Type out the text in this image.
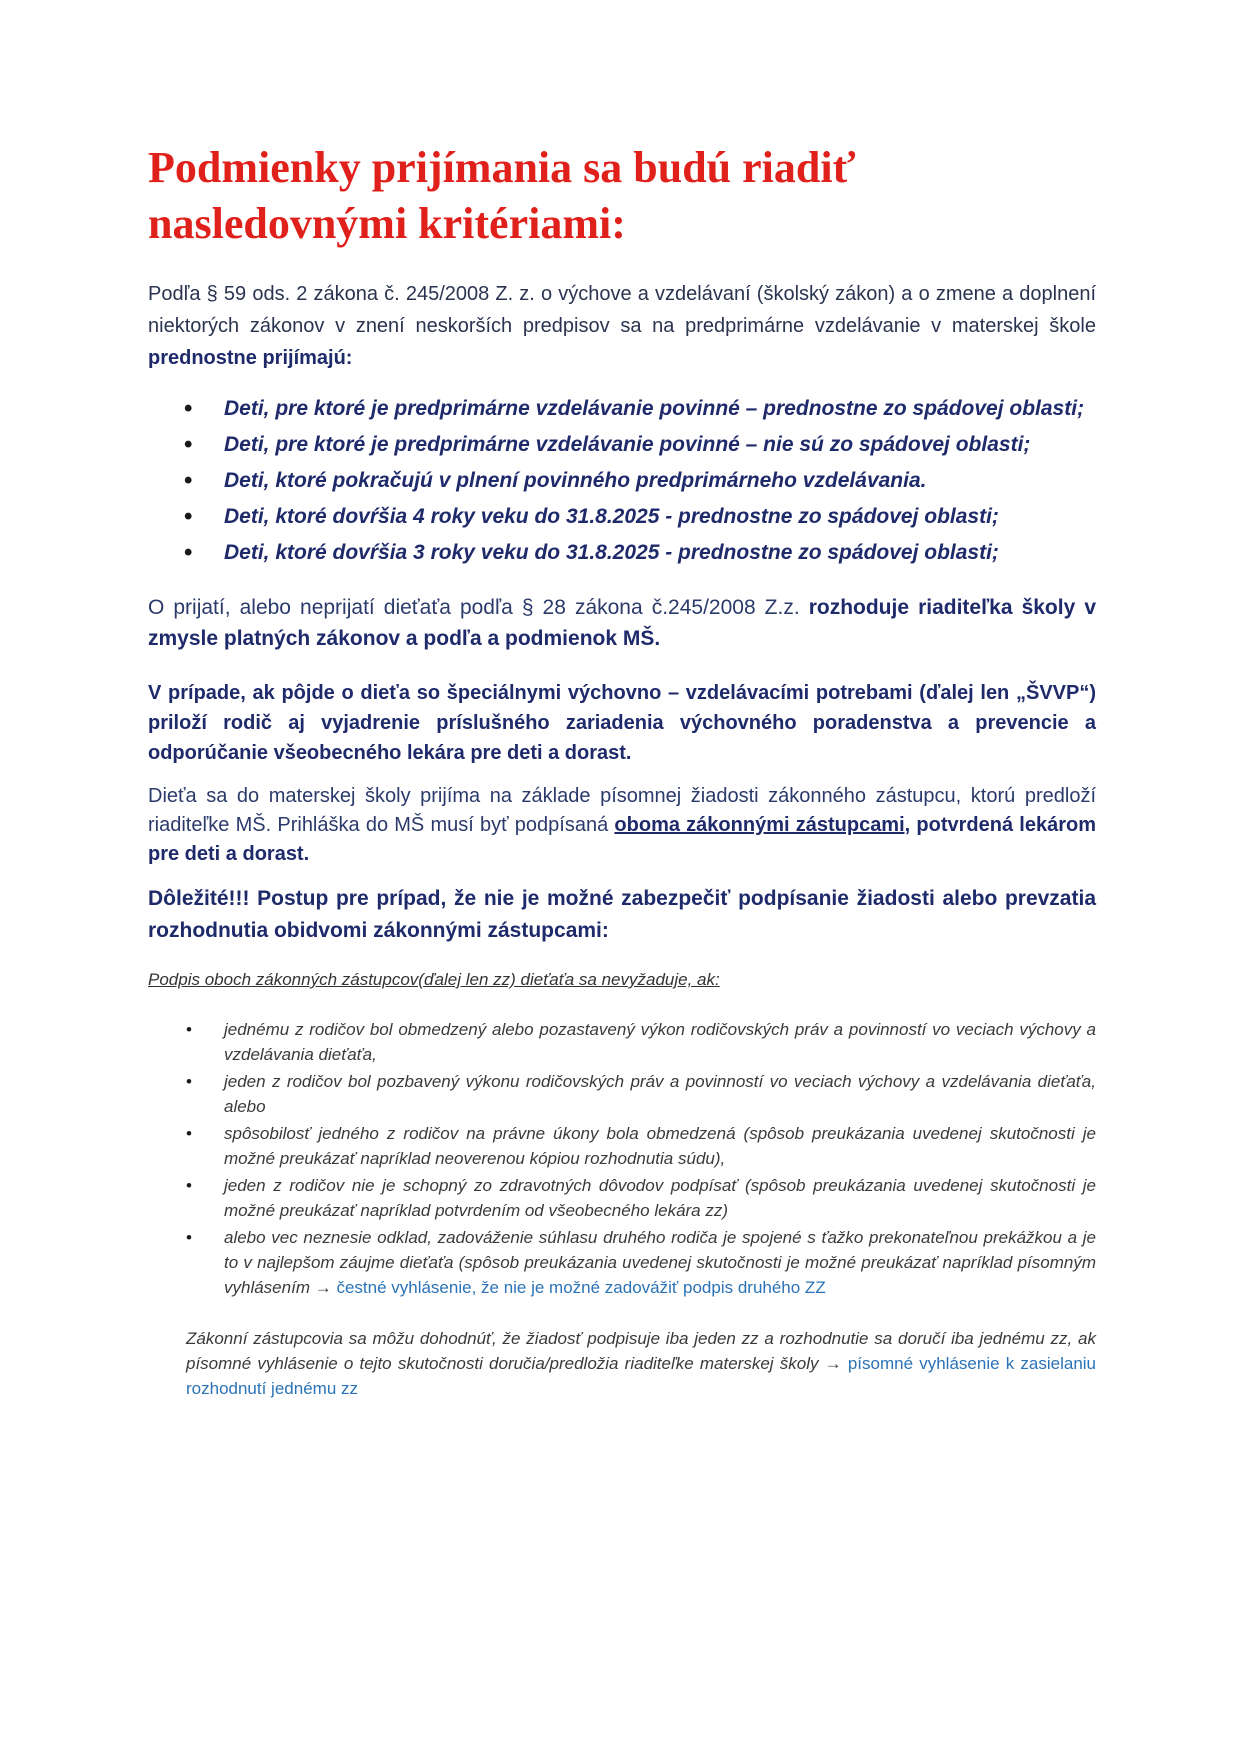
Podmienky prijímania sa budú riadiť nasledovnými kritériami:

Podľa § 59 ods. 2 zákona č. 245/2008 Z. z. o výchove a vzdelávaní (školský zákon) a o zmene a doplnení niektorých zákonov v znení neskorších predpisov sa na predprimárne vzdelávanie v materskej škole prednostne prijímajú:

• Deti, pre ktoré je predprimárne vzdelávanie povinné – prednostne zo spádovej oblasti;
• Deti, pre ktoré je predprimárne vzdelávanie povinné – nie sú zo spádovej oblasti;
• Deti, ktoré pokračujú v plnení povinného predprimárneho vzdelávania.
• Deti, ktoré dovŕšia 4 roky veku do 31.8.2025 - prednostne zo spádovej oblasti;
• Deti, ktoré dovŕšia 3 roky veku do 31.8.2025 - prednostne zo spádovej oblasti;

O prijatí, alebo neprijatí dieťaťa podľa § 28 zákona č.245/2008 Z.z. rozhoduje riaditeľka školy v zmysle platných zákonov a podľa a podmienok MŠ.

V prípade, ak pôjde o dieťa so špeciálnymi výchovno – vzdelávacími potrebami (ďalej len „ŠVVP“) priloží rodič aj vyjadrenie príslušného zariadenia výchovného poradenstva a prevencie a odporúčanie všeobecného lekára pre deti a dorast.

Dieťa sa do materskej školy prijíma na základe písomnej žiadosti zákonného zástupcu, ktorú predloží riaditeľke MŠ. Prihláška do MŠ musí byť podpísaná oboma zákonnými zástupcami, potvrdená lekárom pre deti a dorast.

Dôležité!!! Postup pre prípad, že nie je možné zabezpečiť podpísanie žiadosti alebo prevzatia rozhodnutia obidvomi zákonnými zástupcami:

Podpis oboch zákonných zástupcov(ďalej len zz) dieťaťa sa nevyžaduje, ak:

• jednému z rodičov bol obmedzený alebo pozastavený výkon rodičovských práv a povinností vo veciach výchovy a vzdelávania dieťaťa,
• jeden z rodičov bol pozbavený výkonu rodičovských práv a povinností vo veciach výchovy a vzdelávania dieťaťa, alebo
• spôsobilosť jedného z rodičov na právne úkony bola obmedzená (spôsob preukázania uvedenej skutočnosti je možné preukázať napríklad neoverenou kópiou rozhodnutia súdu),
• jeden z rodičov nie je schopný zo zdravotných dôvodov podpísať (spôsob preukázania uvedenej skutočnosti je možné preukázať napríklad potvrdením od všeobecného lekára zz)
• alebo vec neznesie odklad, zadováženie súhlasu druhého rodiča je spojené s ťažko prekonateľnou prekážkou a je to v najlepšom záujme dieťaťa (spôsob preukázania uvedenej skutočnosti je možné preukázať napríklad písomným vyhlásením → čestné vyhlásenie, že nie je možné zadovážiť podpis druhého ZZ

Zákonní zástupcovia sa môžu dohodnúť, že žiadosť podpisuje iba jeden zz a rozhodnutie sa doručí iba jednému zz, ak písomné vyhlásenie o tejto skutočnosti doručia/predložia riaditeľke materskej školy → písomné vyhlásenie k zasielaniu rozhodnutí jednému zz
